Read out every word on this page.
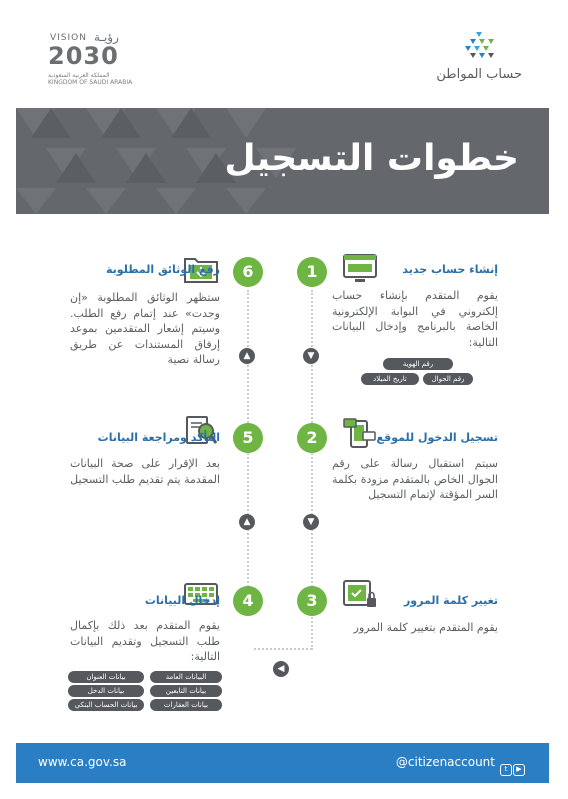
VISION رؤيـة
2030
المملكة العربية السعودية
KINGDOM OF SAUDI ARABIA
حساب المواطن
خطوات التسجيل
▼
▲
▼
▲
◀
1	إنشاء حساب جديد
يقوم المتقدم بإنشاء حساب إلكتروني في البوابة الإلكترونية الخاصة بالبرنامج وإدخال البيانات التالية:
رقم الهوية
رقم الجوال
تاريخ الميلاد
2	تسجيل الدخول للموقع
سيتم استقبال رسالة على رقم الجوال الخاص بالمتقدم مزودة بكلمة السر المؤقتة لإتمام التسجيل
3	تغيير كلمة المرور
يقوم المتقدم بتغيير كلمة المرور
6
رفع الوثائق المطلوبة
ستظهر الوثائق المطلوبة «إن وجدت» عند إتمام رفع الطلب. وسيتم إشعار المتقدمين بموعد إرفاق المستندات عن طريق رسالة نصية
5
التأكد ومراجعة البيانات
بعد الإقرار على صحة البيانات المقدمة يتم تقديم طلب التسجيل
4
إدخال البيانات
يقوم المتقدم بعد ذلك بإكمال طلب التسجيل وتقديم البيانات التالية:
البيانات العامة
بيانات العنوان
بيانات التابعين
بيانات الدخل
بيانات العقارات
بيانات الحساب البنكي
www.ca.gov.sa	@citizenaccount	t ▶
